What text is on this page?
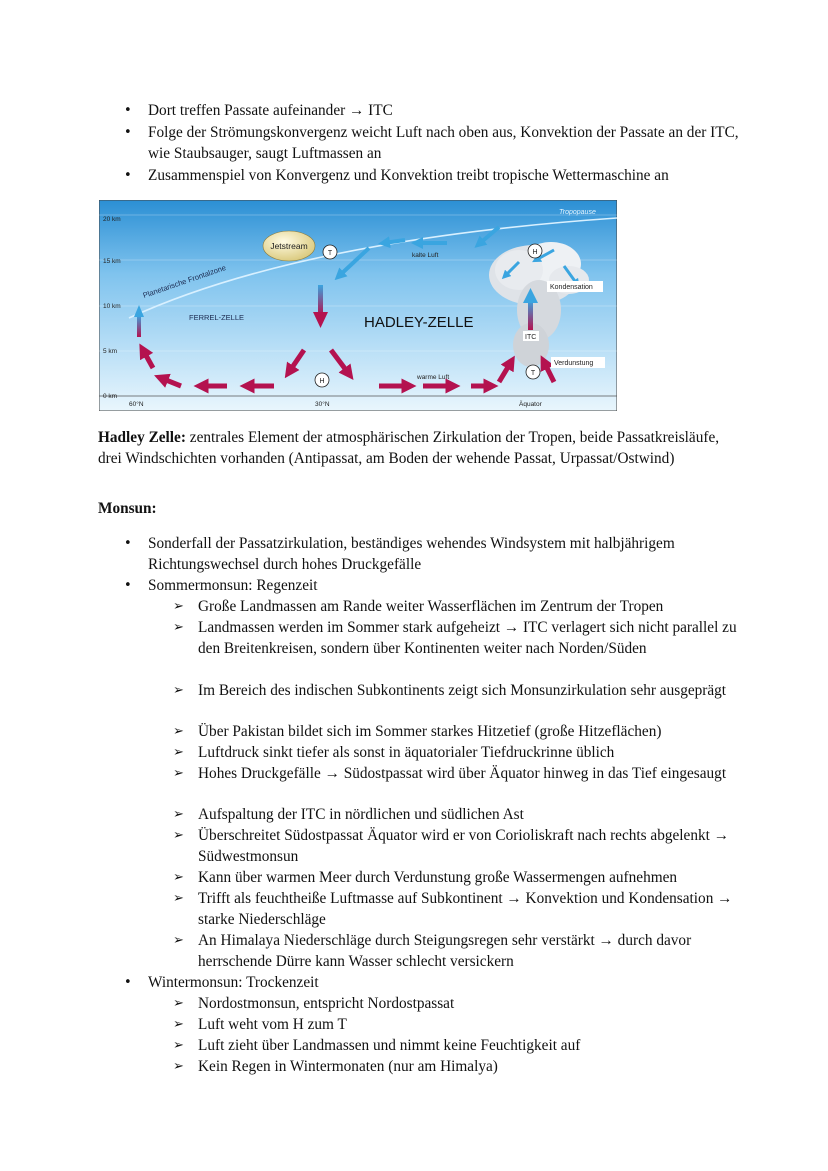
• Dort treffen Passate aufeinander → ITC
• Folge der Strömungskonvergenz weicht Luft nach oben aus, Konvektion der Passate an der ITC, wie Staubsauger, saugt Luftmassen an
• Zusammenspiel von Konvergenz und Konvektion treibt tropische Wettermaschine an
Tropopause
20 km
15 km
10 km
5 km
0 km
60°N	30°N	Äquator
Planetarische Frontalzone
Jetstream
FERREL-ZELLE	HADLEY-ZELLE
kalte Luft
warme Luft
H
T	H
T
Kondensation
ITC
Verdunstung
Hadley Zelle: zentrales Element der atmosphärischen Zirkulation der Tropen, beide Passatkreisläufe, drei Windschichten vorhanden (Antipassat, am Boden der wehende Passat, Urpassat/Ostwind)
Monsun:
• Sonderfall der Passatzirkulation, beständiges wehendes Windsystem mit halbjährigem Richtungswechsel durch hohes Druckgefälle
• Sommermonsun: Regenzeit
➢ Große Landmassen am Rande weiter Wasserflächen im Zentrum der Tropen
➢ Landmassen werden im Sommer stark aufgeheizt → ITC verlagert sich nicht parallel zu den Breitenkreisen, sondern über Kontinenten weiter nach Norden/Süden
➢ Im Bereich des indischen Subkontinents zeigt sich Monsunzirkulation sehr ausgeprägt
➢ Über Pakistan bildet sich im Sommer starkes Hitzetief (große Hitzeflächen)
➢ Luftdruck sinkt tiefer als sonst in äquatorialer Tiefdruckrinne üblich
➢ Hohes Druckgefälle → Südostpassat wird über Äquator hinweg in das Tief eingesaugt
➢ Aufspaltung der ITC in nördlichen und südlichen Ast
➢ Überschreitet Südostpassat Äquator wird er von Corioliskraft nach rechts abgelenkt → Südwestmonsun
➢ Kann über warmen Meer durch Verdunstung große Wassermengen aufnehmen
➢ Trifft als feuchtheiße Luftmasse auf Subkontinent → Konvektion und Kondensation → starke Niederschläge
➢ An Himalaya Niederschläge durch Steigungsregen sehr verstärkt → durch davor herrschende Dürre kann Wasser schlecht versickern
• Wintermonsun: Trockenzeit
➢ Nordostmonsun, entspricht Nordostpassat
➢ Luft weht vom H zum T
➢ Luft zieht über Landmassen und nimmt keine Feuchtigkeit auf
➢ Kein Regen in Wintermonaten (nur am Himalya)
